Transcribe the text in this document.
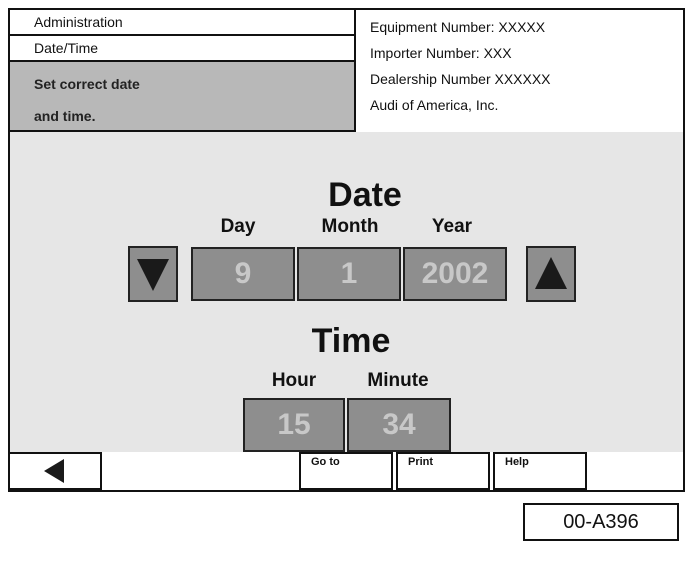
Administration
Date/Time
Set correct date
and time.
Equipment Number: XXXXX
Importer Number: XXX
Dealership Number XXXXXX
Audi of America, Inc.
Date
Day	Month	Year
9	1	2002
Time
Hour	Minute
15	34
Go to	Print	Help
00-A396
